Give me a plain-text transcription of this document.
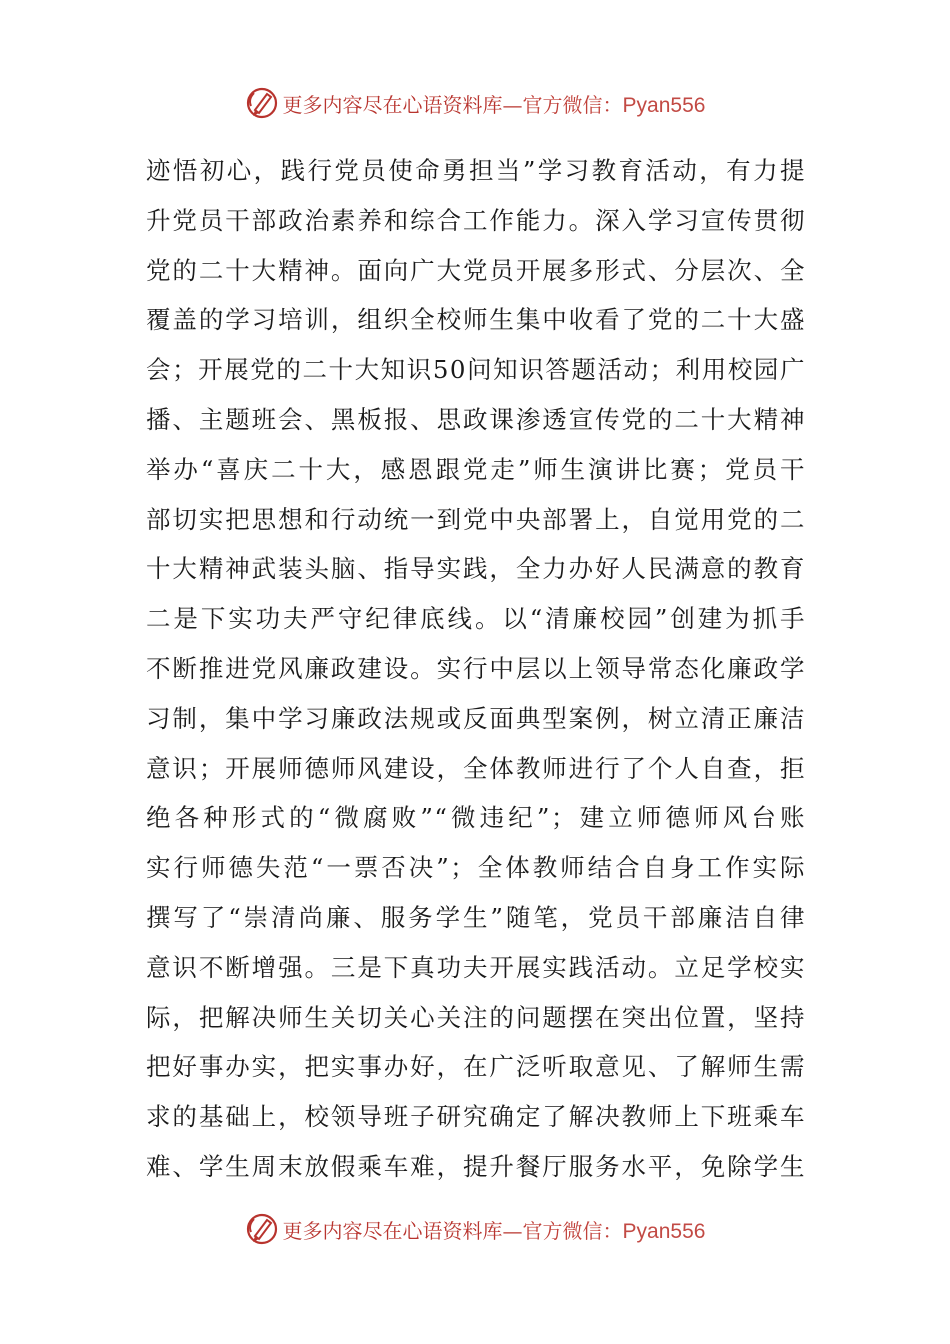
更多内容尽在心语资料库—官方微信：Pyan556
迹悟初心，践行党员使命勇担当”学习教育活动，有力提
升党员干部政治素养和综合工作能力。深入学习宣传贯彻
党的二十大精神。面向广大党员开展多形式、分层次、全
覆盖的学习培训，组织全校师生集中收看了党的二十大盛
会；开展党的二十大知识50问知识答题活动；利用校园广
播、主题班会、黑板报、思政课渗透宣传党的二十大精神
举办“喜庆二十大，感恩跟党走”师生演讲比赛；党员干
部切实把思想和行动统一到党中央部署上，自觉用党的二
十大精神武装头脑、指导实践，全力办好人民满意的教育
二是下实功夫严守纪律底线。以“清廉校园”创建为抓手
不断推进党风廉政建设。实行中层以上领导常态化廉政学
习制，集中学习廉政法规或反面典型案例，树立清正廉洁
意识；开展师德师风建设，全体教师进行了个人自查，拒
绝各种形式的“微腐败”“微违纪”；建立师德师风台账
实行师德失范“一票否决”；全体教师结合自身工作实际
撰写了“崇清尚廉、服务学生”随笔，党员干部廉洁自律
意识不断增强。三是下真功夫开展实践活动。立足学校实
际，把解决师生关切关心关注的问题摆在突出位置，坚持
把好事办实，把实事办好，在广泛听取意见、了解师生需
求的基础上，校领导班子研究确定了解决教师上下班乘车
难、学生周末放假乘车难，提升餐厅服务水平，免除学生
更多内容尽在心语资料库—官方微信：Pyan556
